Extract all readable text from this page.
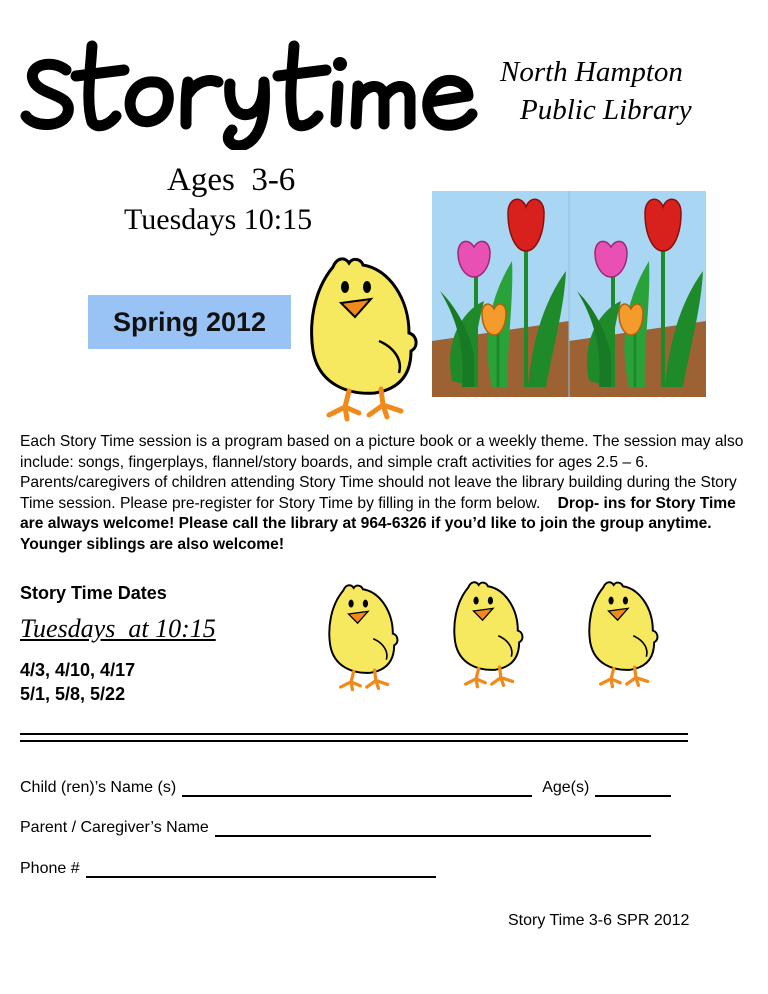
North Hampton
Public Library
Ages  3-6
Tuesdays 10:15
Spring 2012

Each Story Time session is a program based on a picture book or a weekly theme. The session may also include: songs, fingerplays, flannel/story boards, and simple craft activities for ages 2.5 – 6. Parents/caregivers of children attending Story Time should not leave the library building during the Story Time session. Please pre-register for Story Time by filling in the form below. Drop- ins for Story Time are always welcome! Please call the library at 964-6326 if you’d like to join the group anytime. Younger siblings are also welcome!

Story Time Dates
Tuesdays  at 10:15
4/3, 4/10, 4/17
5/1, 5/8, 5/22
Child (ren)’s Name (s)	Age(s)
Parent / Caregiver’s Name
Phone #
Story Time 3-6 SPR 2012
